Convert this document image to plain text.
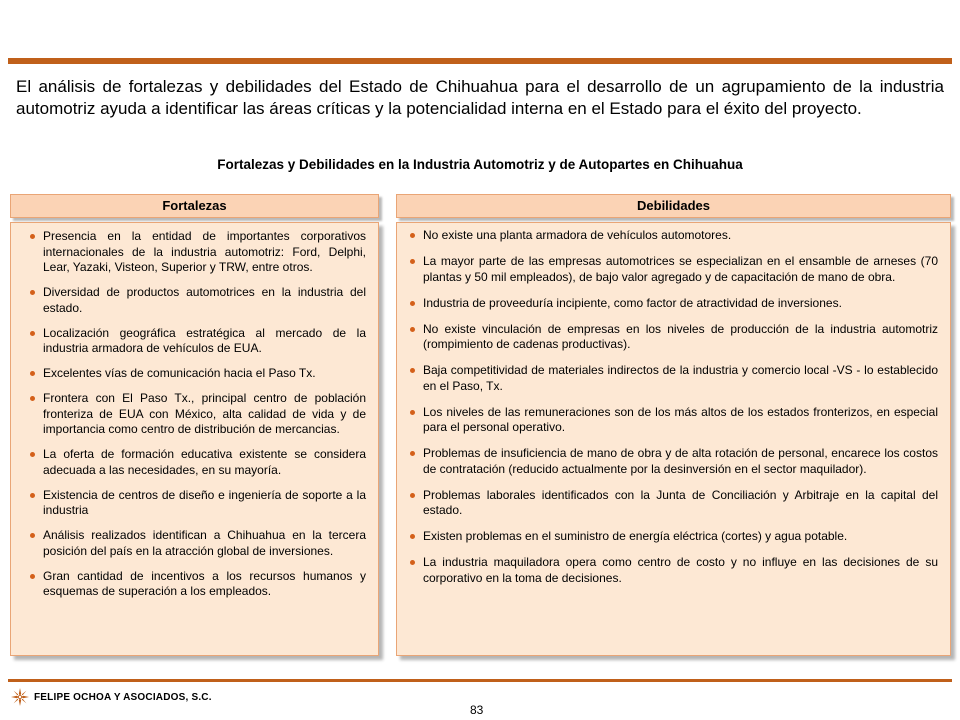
El análisis de fortalezas y debilidades del Estado de Chihuahua para el desarrollo de un agrupamiento de la industria automotriz ayuda a identificar las áreas críticas y la potencialidad interna en el Estado para el éxito del proyecto.

Fortalezas y Debilidades en la Industria Automotriz y de Autopartes en Chihuahua

Fortalezas
Presencia en la entidad de importantes corporativos internacionales de la industria automotriz: Ford, Delphi, Lear, Yazaki, Visteon, Superior y TRW, entre otros.
Diversidad de productos automotrices en la industria del estado.
Localización geográfica estratégica al mercado de la industria armadora de vehículos de EUA.
Excelentes vías de comunicación hacia el Paso Tx.
Frontera con El Paso Tx., principal centro de población fronteriza de EUA con México, alta calidad de vida y de importancia como centro de distribución de mercancias.
La oferta de formación educativa existente se considera adecuada a las necesidades, en su mayoría.
Existencia de centros de diseño e ingeniería de soporte a la industria
Análisis realizados identifican a Chihuahua en la tercera posición del país en la atracción global de inversiones.
Gran cantidad de incentivos a los recursos humanos y esquemas de superación a los empleados.
Debilidades
No existe una planta armadora de vehículos automotores.
La mayor parte de las empresas automotrices se especializan en el ensamble de arneses (70 plantas y 50 mil empleados), de bajo valor agregado y de capacitación de mano de obra.
Industria de proveeduría incipiente, como factor de atractividad de inversiones.
No existe vinculación de empresas en los niveles de producción de la industria automotriz (rompimiento de cadenas productivas).
Baja competitividad de materiales indirectos de la industria y comercio local -VS - lo establecido en el Paso, Tx.
Los niveles de las remuneraciones son de los más altos de los estados fronterizos, en especial para el personal operativo.
Problemas de insuficiencia de mano de obra y de alta rotación de personal, encarece los costos de contratación (reducido actualmente por la desinversión en el sector maquilador).
Problemas laborales identificados con la Junta de Conciliación y Arbitraje en la capital del estado.
Existen problemas en el suministro de energía eléctrica (cortes) y agua potable.
La industria maquiladora opera como centro de costo y no influye en las decisiones de su corporativo en la toma de decisiones.
FELIPE OCHOA Y ASOCIADOS, S.C.
83
